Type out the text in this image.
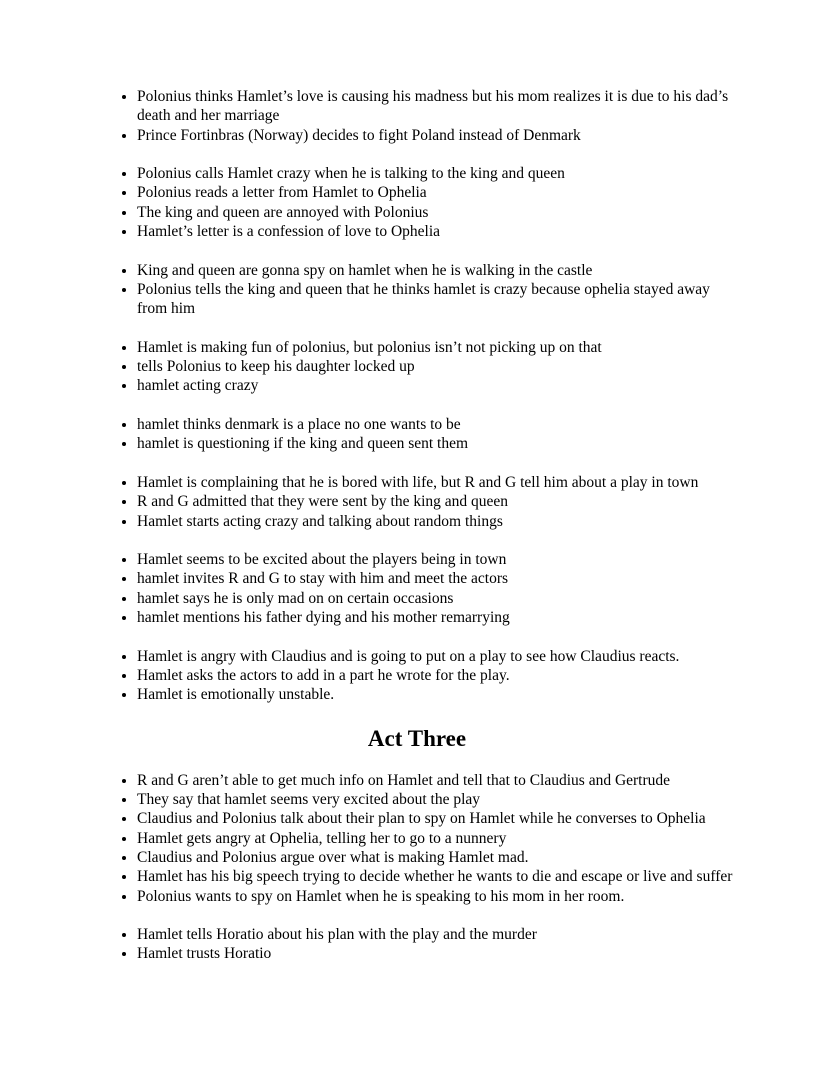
• Polonius thinks Hamlet’s love is causing his madness but his mom realizes it is due to his dad’s death and her marriage
• Prince Fortinbras (Norway) decides to fight Poland instead of Denmark
• Polonius calls Hamlet crazy when he is talking to the king and queen
• Polonius reads a letter from Hamlet to Ophelia
• The king and queen are annoyed with Polonius
• Hamlet’s letter is a confession of love to Ophelia
• King and queen are gonna spy on hamlet when he is walking in the castle
• Polonius tells the king and queen that he thinks hamlet is crazy because ophelia stayed away from him
• Hamlet is making fun of polonius, but polonius isn’t not picking up on that
• tells Polonius to keep his daughter locked up
• hamlet acting crazy
• hamlet thinks denmark is a place no one wants to be
• hamlet is questioning if the king and queen sent them
• Hamlet is complaining that he is bored with life, but R and G tell him about a play in town
• R and G admitted that they were sent by the king and queen
• Hamlet starts acting crazy and talking about random things
• Hamlet seems to be excited about the players being in town
• hamlet invites R and G to stay with him and meet the actors
• hamlet says he is only mad on on certain occasions
• hamlet mentions his father dying and his mother remarrying
• Hamlet is angry with Claudius and is going to put on a play to see how Claudius reacts.
• Hamlet asks the actors to add in a part he wrote for the play.
• Hamlet is emotionally unstable.
Act Three
• R and G aren’t able to get much info on Hamlet and tell that to Claudius and Gertrude
• They say that hamlet seems very excited about the play
• Claudius and Polonius talk about their plan to spy on Hamlet while he converses to Ophelia
• Hamlet gets angry at Ophelia, telling her to go to a nunnery
• Claudius and Polonius argue over what is making Hamlet mad.
• Hamlet has his big speech trying to decide whether he wants to die and escape or live and suffer
• Polonius wants to spy on Hamlet when he is speaking to his mom in her room.
• Hamlet tells Horatio about his plan with the play and the murder
• Hamlet trusts Horatio
